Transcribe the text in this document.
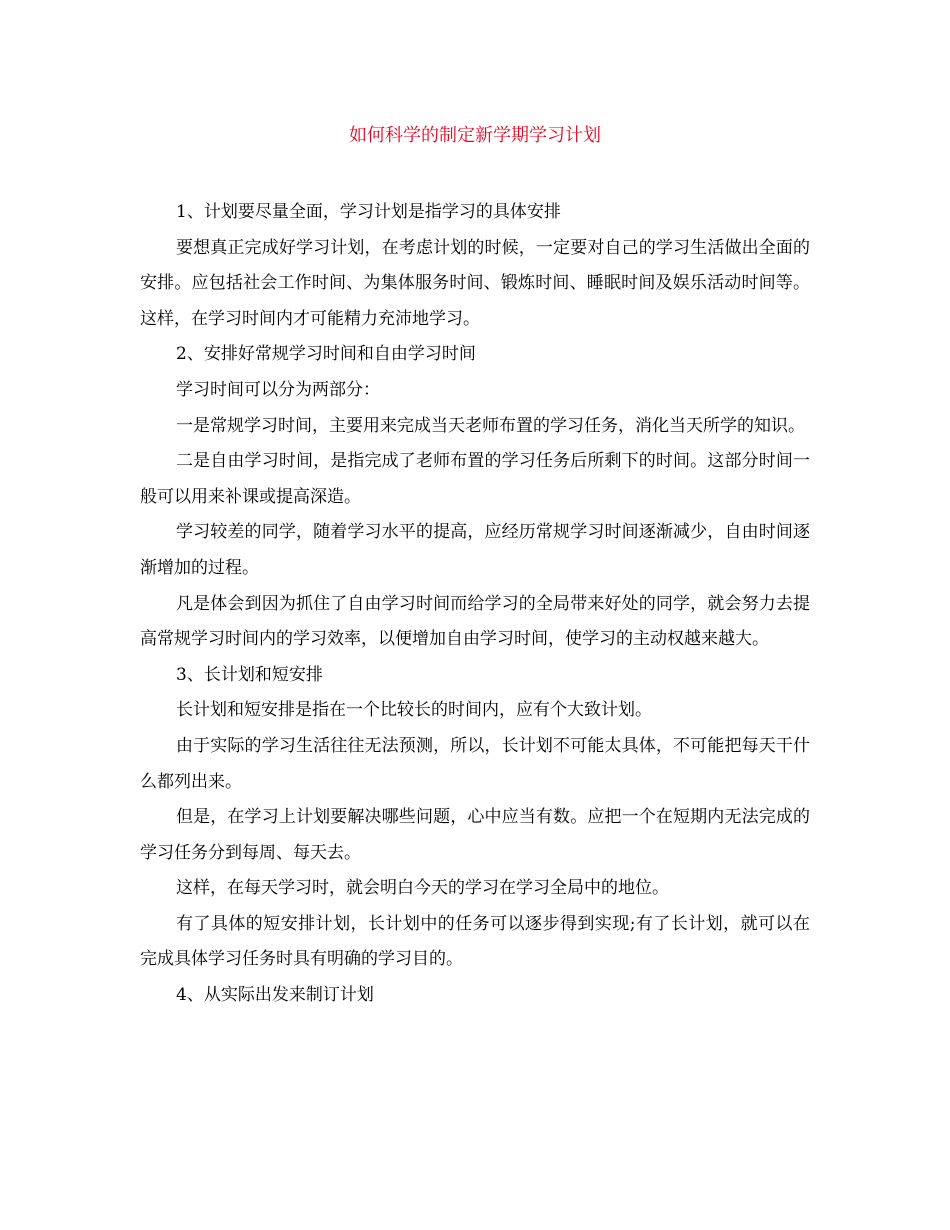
如何科学的制定新学期学习计划

1、计划要尽量全面，学习计划是指学习的具体安排

要想真正完成好学习计划，在考虑计划的时候，一定要对自己的学习生活做出全面的安排。应包括社会工作时间、为集体服务时间、锻炼时间、睡眠时间及娱乐活动时间等。这样，在学习时间内才可能精力充沛地学习。

2、安排好常规学习时间和自由学习时间

学习时间可以分为两部分：

一是常规学习时间，主要用来完成当天老师布置的学习任务，消化当天所学的知识。

二是自由学习时间，是指完成了老师布置的学习任务后所剩下的时间。这部分时间一般可以用来补课或提高深造。

学习较差的同学，随着学习水平的提高，应经历常规学习时间逐渐减少，自由时间逐渐增加的过程。

凡是体会到因为抓住了自由学习时间而给学习的全局带来好处的同学，就会努力去提高常规学习时间内的学习效率，以便增加自由学习时间，使学习的主动权越来越大。

3、长计划和短安排

长计划和短安排是指在一个比较长的时间内，应有个大致计划。

由于实际的学习生活往往无法预测，所以，长计划不可能太具体，不可能把每天干什么都列出来。

但是，在学习上计划要解决哪些问题，心中应当有数。应把一个在短期内无法完成的学习任务分到每周、每天去。

这样，在每天学习时，就会明白今天的学习在学习全局中的地位。

有了具体的短安排计划，长计划中的任务可以逐步得到实现;有了长计划，就可以在完成具体学习任务时具有明确的学习目的。

4、从实际出发来制订计划
